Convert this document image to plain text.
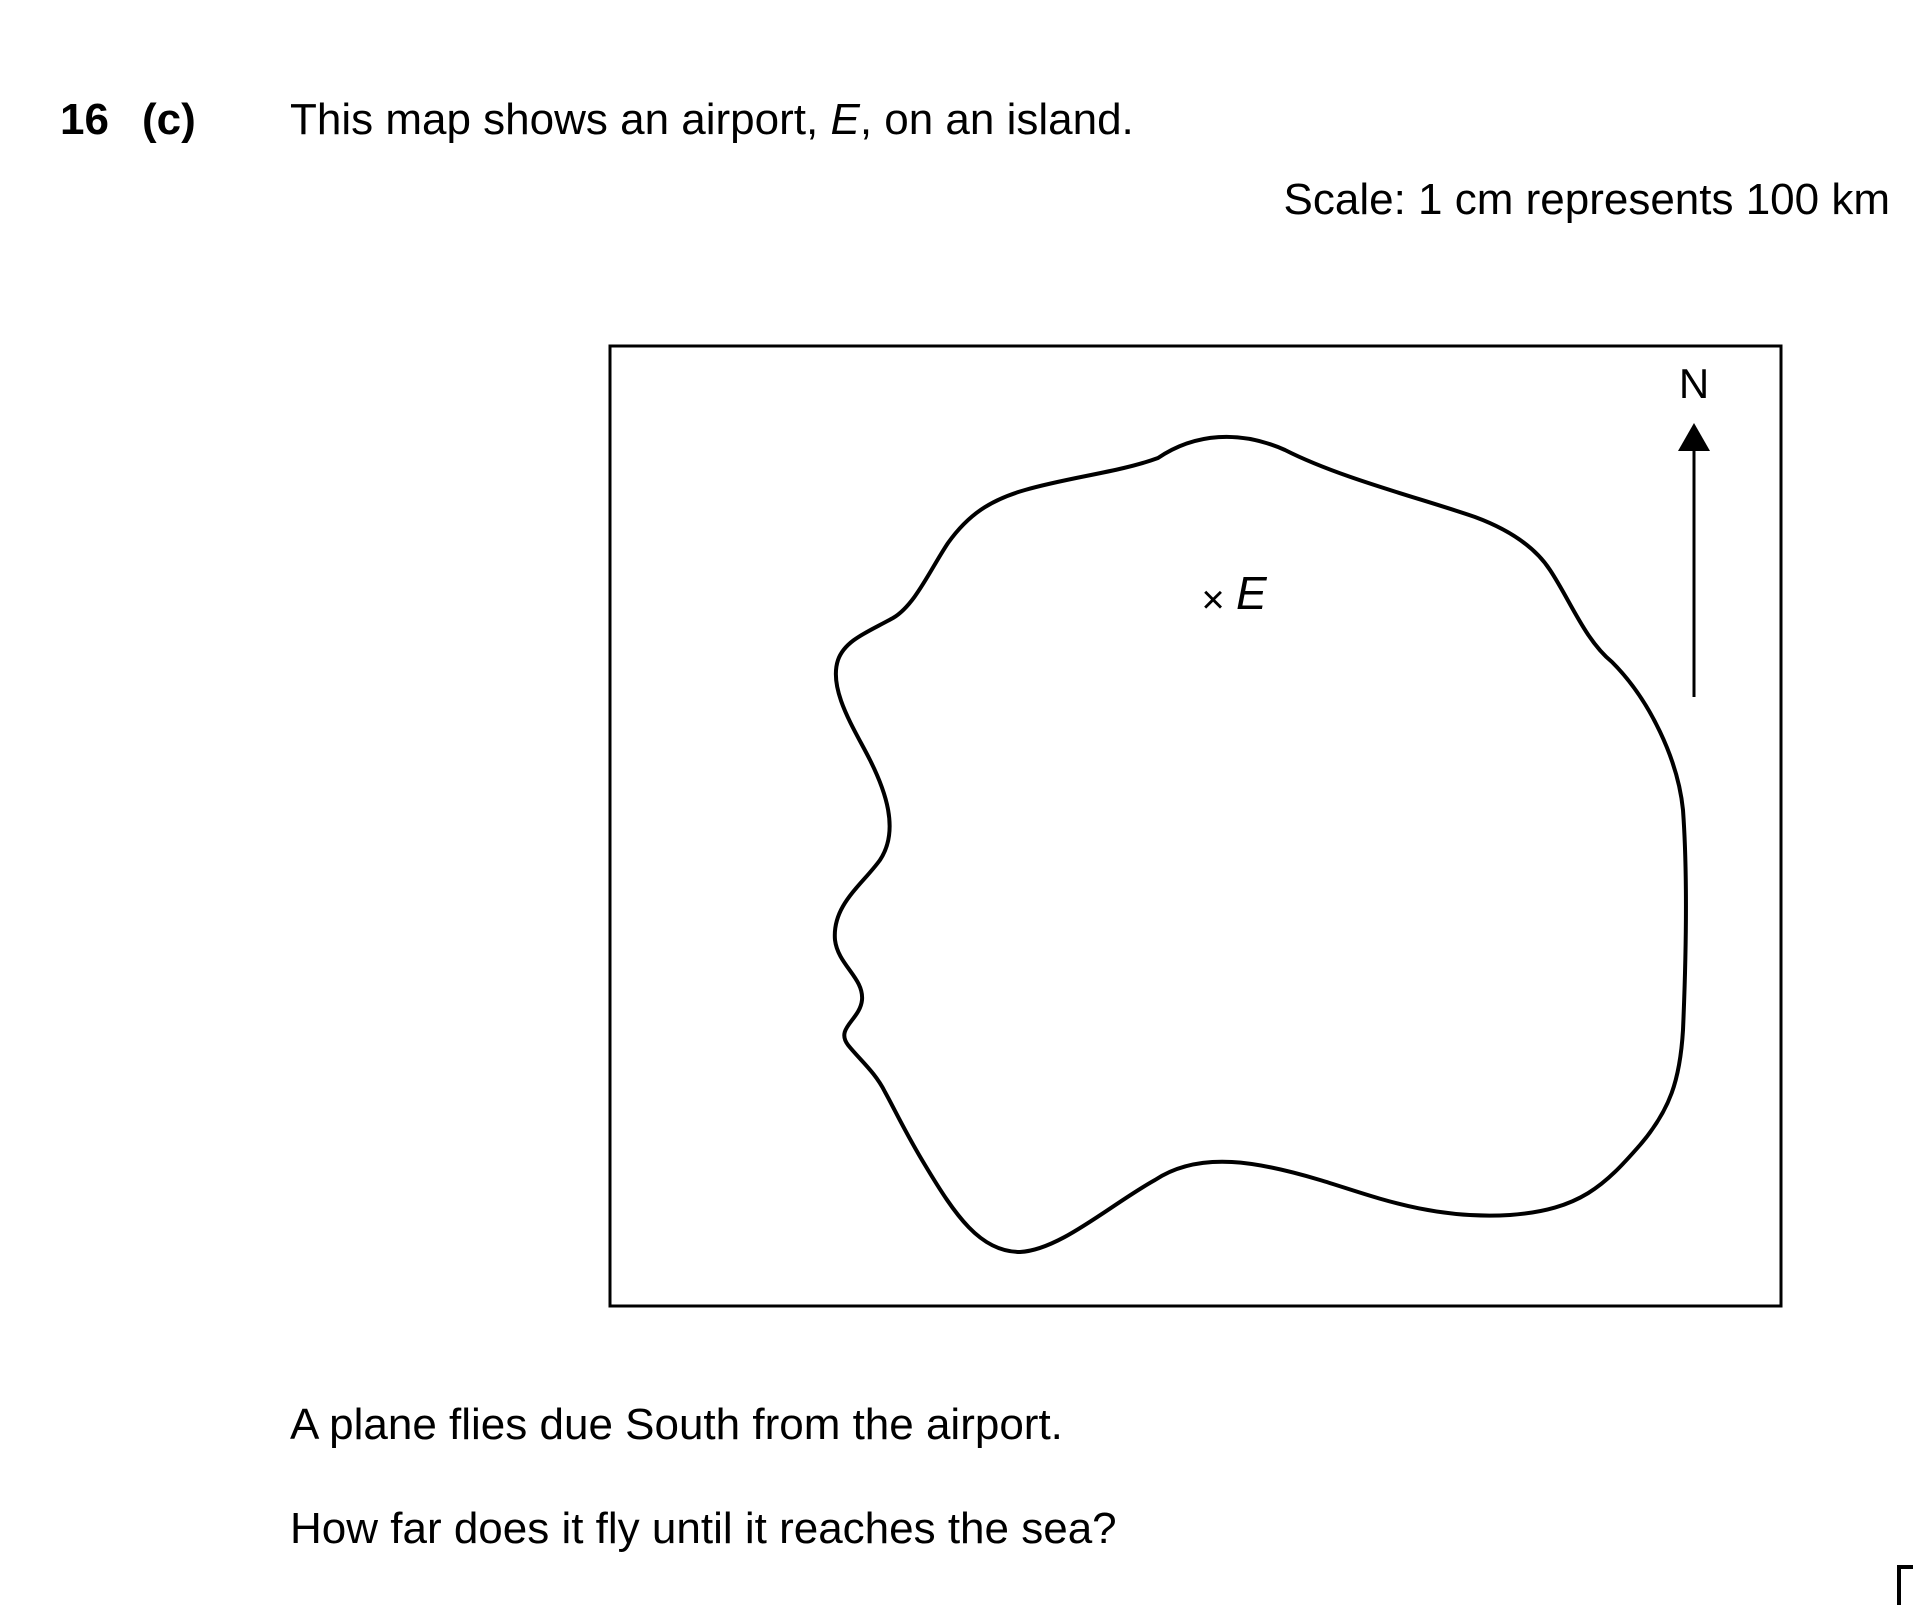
16 (c) This map shows an airport, E, on an island.
Scale: 1 cm represents 100 km
× E
N
A plane flies due South from the airport.
How far does it fly until it reaches the sea?
